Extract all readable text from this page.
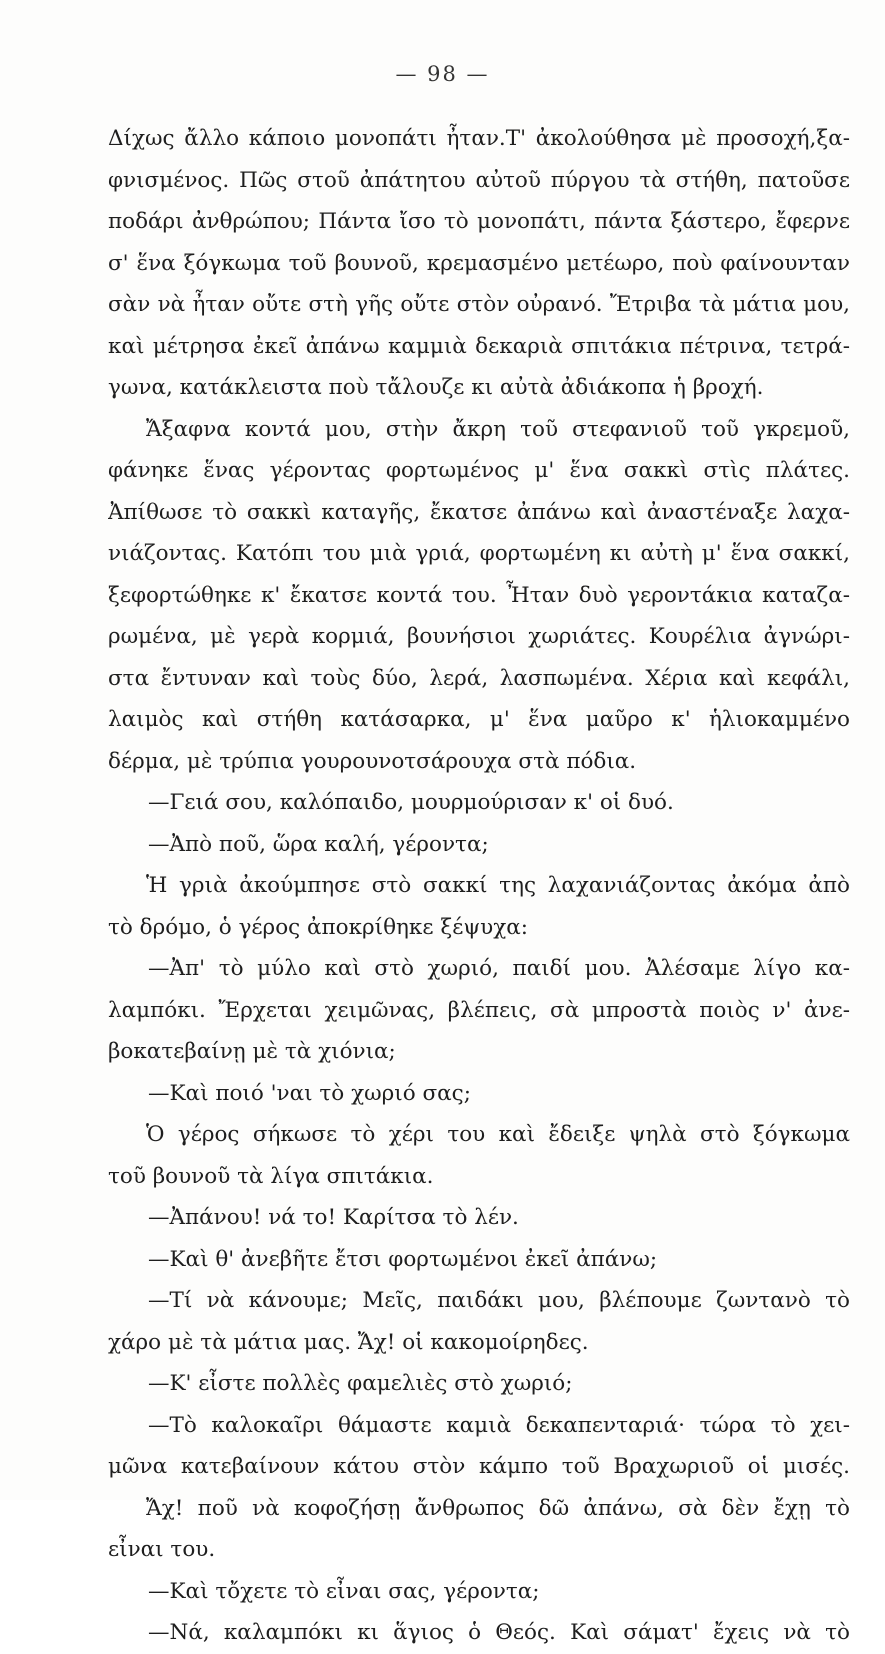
— 98 —
Δίχως ἄλλο κάποιο μονοπάτι ἦταν.Τ' ἀκολούθησα μὲ προσοχή,ξα-
φνισμένος. Πῶς στοῦ ἀπάτητου αὐτοῦ πύργου τὰ στήθη, πατοῦσε
ποδάρι ἀνθρώπου; Πάντα ἴσο τὸ μονοπάτι, πάντα ξάστερο, ἔφερνε
σ' ἕνα ξόγκωμα τοῦ βουνοῦ, κρεμασμένο μετέωρο, ποὺ φαίνουνταν
σὰν νὰ ἦταν οὔτε στὴ γῆς οὔτε στὸν οὐρανό. Ἔτριβα τὰ μάτια μου,
καὶ μέτρησα ἐκεῖ ἀπάνω καμμιὰ δεκαριὰ σπιτάκια πέτρινα, τετρά-
γωνα, κατάκλειστα ποὺ τἄλουζε κι αὐτὰ ἀδιάκοπα ἡ βροχή.
Ἄξαφνα κοντά μου, στὴν ἄκρη τοῦ στεφανιοῦ τοῦ γκρεμοῦ,
φάνηκε ἕνας γέροντας φορτωμένος μ' ἕνα σακκὶ στὶς πλάτες.
Ἀπίθωσε τὸ σακκὶ καταγῆς, ἔκατσε ἀπάνω καὶ ἀναστέναξε λαχα-
νιάζοντας. Κατόπι του μιὰ γριά, φορτωμένη κι αὐτὴ μ' ἕνα σακκί,
ξεφορτώθηκε κ' ἔκατσε κοντά του. Ἦταν δυὸ γεροντάκια καταζα-
ρωμένα, μὲ γερὰ κορμιά, βουνήσιοι χωριάτες. Κουρέλια ἀγνώρι-
στα ἔντυναν καὶ τοὺς δύο, λερά, λασπωμένα. Χέρια καὶ κεφάλι,
λαιμὸς καὶ στήθη κατάσαρκα, μ' ἕνα μαῦρο κ' ἡλιοκαμμένο
δέρμα, μὲ τρύπια γουρουνοτσάρουχα στὰ πόδια.
—Γειά σου, καλόπαιδο, μουρμούρισαν κ' οἱ δυό.
—Ἀπὸ ποῦ, ὥρα καλή, γέροντα;
Ἡ γριὰ ἀκούμπησε στὸ σακκί της λαχανιάζοντας ἀκόμα ἀπὸ
τὸ δρόμο, ὁ γέρος ἀποκρίθηκε ξέψυχα:
—Ἀπ' τὸ μύλο καὶ στὸ χωριό, παιδί μου. Ἀλέσαμε λίγο κα-
λαμπόκι. Ἔρχεται χειμῶνας, βλέπεις, σὰ μπροστὰ ποιὸς ν' ἀνε-
βοκατεβαίνῃ μὲ τὰ χιόνια;
—Καὶ ποιό 'ναι τὸ χωριό σας;
Ὁ γέρος σήκωσε τὸ χέρι του καὶ ἔδειξε ψηλὰ στὸ ξόγκωμα
τοῦ βουνοῦ τὰ λίγα σπιτάκια.
—Ἀπάνου! νά το! Καρίτσα τὸ λέν.
—Καὶ θ' ἀνεβῆτε ἔτσι φορτωμένοι ἐκεῖ ἀπάνω;
—Τί νὰ κάνουμε; Μεῖς, παιδάκι μου, βλέπουμε ζωντανὸ τὸ
χάρο μὲ τὰ μάτια μας. Ἄχ! οἱ κακομοίρηδες.
—Κ' εἶστε πολλὲς φαμελιὲς στὸ χωριό;
—Τὸ καλοκαῖρι θάμαστε καμιὰ δεκαπενταριά· τώρα τὸ χει-
μῶνα κατεβαίνουν κάτου στὸν κάμπο τοῦ Βραχωριοῦ οἱ μισές.
Ἄχ! ποῦ νὰ κοφοζήσῃ ἄνθρωπος δῶ ἀπάνω, σὰ δὲν ἔχῃ τὸ
εἶναι του.
—Καὶ τὄχετε τὸ εἶναι σας, γέροντα;
—Νά, καλαμπόκι κι ἅγιος ὁ Θεός. Καὶ σάματ' ἔχεις νὰ τὸ
